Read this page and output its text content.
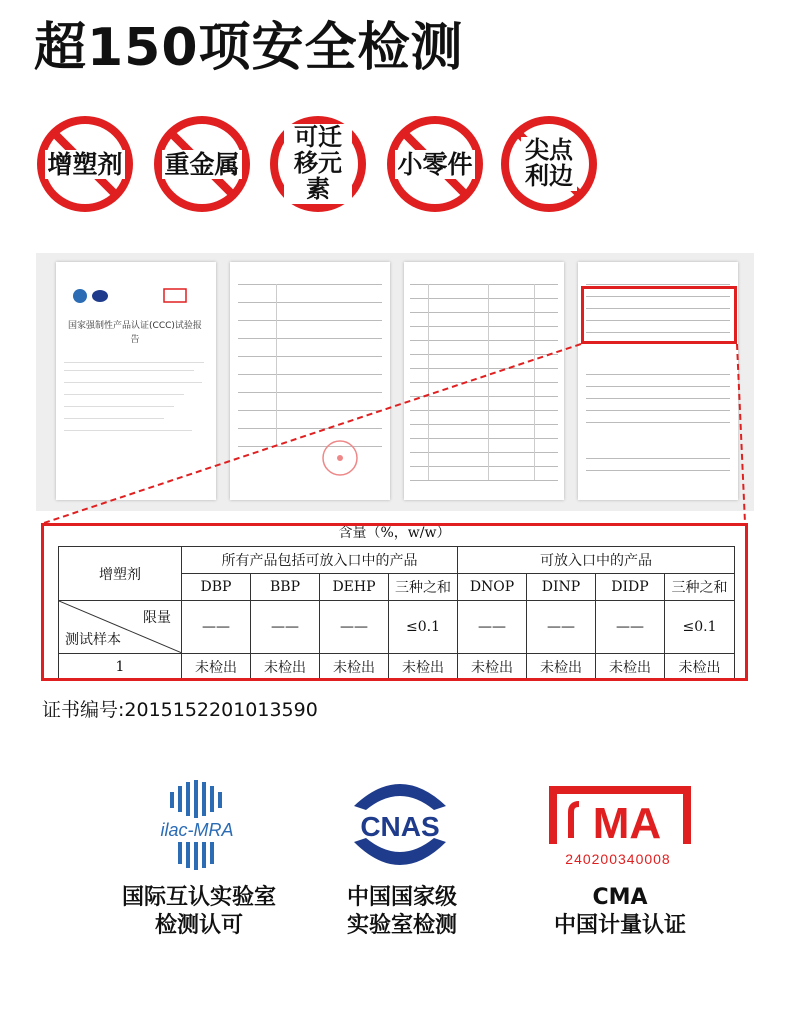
超150项安全检测
增塑剂 重金属
可迁移元素
小零件 尖点利边
国家强制性产品认证(CCC)试验报告
含量（%，w/w）
增塑剂	所有产品包括可放入口中的产品				可放入口中的产品			
	DBP	BBP	DEHP	三种之和	DNOP	DINP	DIDP	三种之和

限量
测试样本	——	——	——	≤0.1	——	——	——	≤0.1
1	未检出	未检出	未检出	未检出	未检出	未检出	未检出	未检出
证书编号:2015152201013590
ilac-MRA
国际互认实验室
检测认可
CNAS
中国国家级
实验室检测
MA
240200340008
CMA
中国计量认证
